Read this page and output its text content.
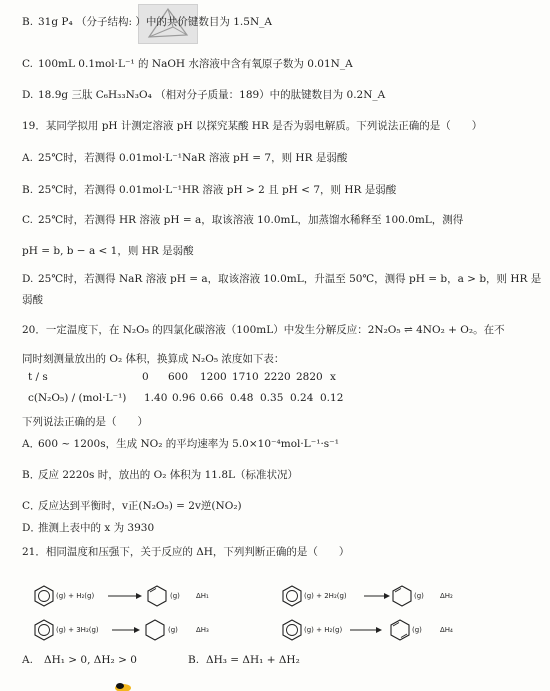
B. 31g P₄ （分子结构: ）中的共价键数目为 1.5N_A
C. 100mL 0.1mol·L⁻¹ 的 NaOH 水溶液中含有氧原子数为 0.01N_A
D. 18.9g 三肽 C₆H₃₃N₃O₄ （相对分子质量：189）中的肽键数目为 0.2N_A
19．某同学拟用 pH 计测定溶液 pH 以探究某酸 HR 是否为弱电解质。下列说法正确的是（　　）
A. 25℃时，若测得 0.01mol·L⁻¹NaR 溶液 pH = 7，则 HR 是弱酸
B. 25℃时，若测得 0.01mol·L⁻¹HR 溶液 pH > 2 且 pH < 7，则 HR 是弱酸
C. 25℃时，若测得 HR 溶液 pH = a，取该溶液 10.0mL，加蒸馏水稀释至 100.0mL，测得
pH = b, b − a < 1，则 HR 是弱酸
D. 25℃时，若测得 NaR 溶液 pH = a，取该溶液 10.0mL，升温至 50℃，测得 pH = b，a > b，则 HR 是
弱酸
20．一定温度下，在 N₂O₅ 的四氯化碳溶液（100mL）中发生分解反应：2N₂O₅ ⇌ 4NO₂ + O₂。在不
同时刻测量放出的 O₂ 体积，换算成 N₂O₅ 浓度如下表：
t / s	0 600 1200 1710 2220 2820 x
c(N₂O₅) / (mol·L⁻¹) 1.40 0.96 0.66 0.48 0.35 0.24 0.12
下列说法正确的是（　　）
A．
600 ~ 1200s，生成 NO₂ 的平均速率为 5.0×10⁻⁴mol·L⁻¹·s⁻¹
B．
反应 2220s 时，放出的 O₂ 体积为 11.8L（标准状况）
C．
反应达到平衡时，v正(N₂O₅) = 2v逆(NO₂)
D．
推测上表中的 x 为 3930
21．相同温度和压强下，关于反应的 ΔH，下列判断正确的是（　　）
(g) + H₂(g)	(g) ΔH₁	(g) + 2H₂(g)	(g) ΔH₂
(g) + 3H₂(g)	(g)	ΔH₃	(g) + H₂(g)	(g)	ΔH₄
A. ΔH₁ > 0, ΔH₂ > 0	B. ΔH₃ = ΔH₁ + ΔH₂
